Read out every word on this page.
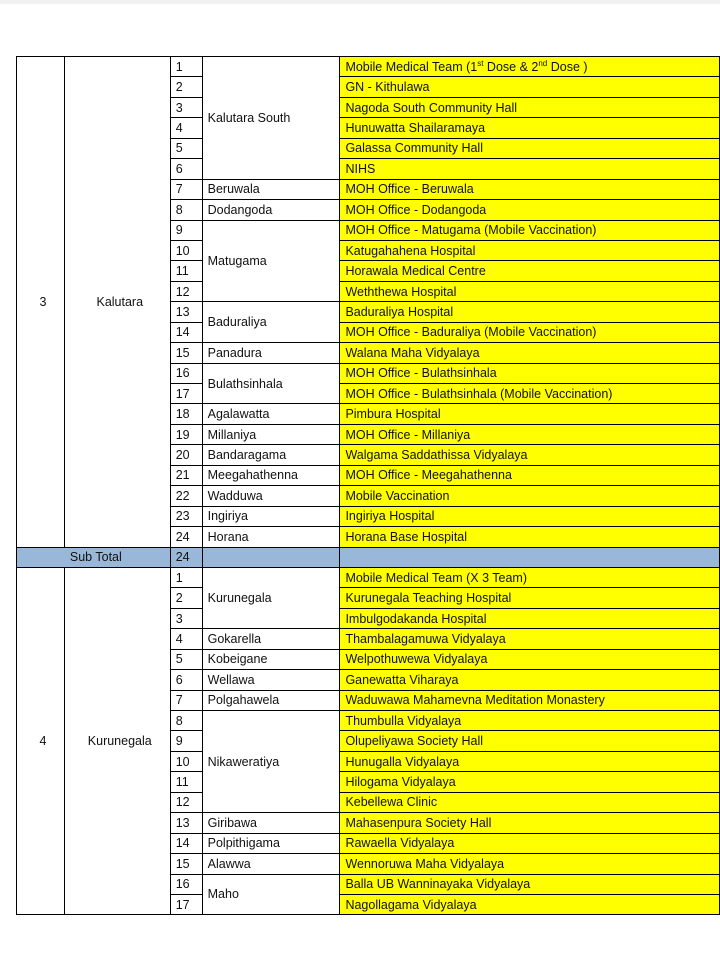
3	Kalutara	1	Kalutara South	Mobile Medical Team (1st Dose & 2nd Dose )
		2		GN - Kithulawa
		3		Nagoda South Community Hall
		4		Hunuwatta Shailaramaya
		5		Galassa Community Hall
		6		NIHS
		7	Beruwala	MOH Office - Beruwala
		8	Dodangoda	MOH Office - Dodangoda
		9	Matugama	MOH Office - Matugama (Mobile Vaccination)
		10		Katugahahena Hospital
		11		Horawala Medical Centre
		12		Weththewa Hospital
		13	Baduraliya	Baduraliya Hospital
		14		MOH Office - Baduraliya (Mobile Vaccination)
		15	Panadura	Walana Maha Vidyalaya
		16	Bulathsinhala	MOH Office - Bulathsinhala
		17		MOH Office - Bulathsinhala (Mobile Vaccination)
		18	Agalawatta	Pimbura Hospital
		19	Millaniya	MOH Office - Millaniya
		20	Bandaragama	Walgama Saddathissa Vidyalaya
		21	Meegahathenna	MOH Office - Meegahathenna
		22	Wadduwa	Mobile Vaccination
		23	Ingiriya	Ingiriya Hospital
		24	Horana	Horana Base Hospital
Sub Total		24		
4	Kurunegala	1	Kurunegala	Mobile Medical Team (X 3 Team)
		2		Kurunegala Teaching Hospital
		3		Imbulgodakanda Hospital
		4	Gokarella	Thambalagamuwa Vidyalaya
		5	Kobeigane	Welpothuwewa Vidyalaya
		6	Wellawa	Ganewatta Viharaya
		7	Polgahawela	Waduwawa Mahamevna Meditation Monastery
		8	Nikaweratiya	Thumbulla Vidyalaya
		9		Olupeliyawa Society Hall
		10		Hunugalla Vidyalaya
		11		Hilogama Vidyalaya
		12		Kebellewa Clinic
		13	Giribawa	Mahasenpura Society Hall
		14	Polpithigama	Rawaella Vidyalaya
		15	Alawwa	Wennoruwa Maha Vidyalaya
		16	Maho	Balla UB Wanninayaka Vidyalaya
		17		Nagollagama Vidyalaya
